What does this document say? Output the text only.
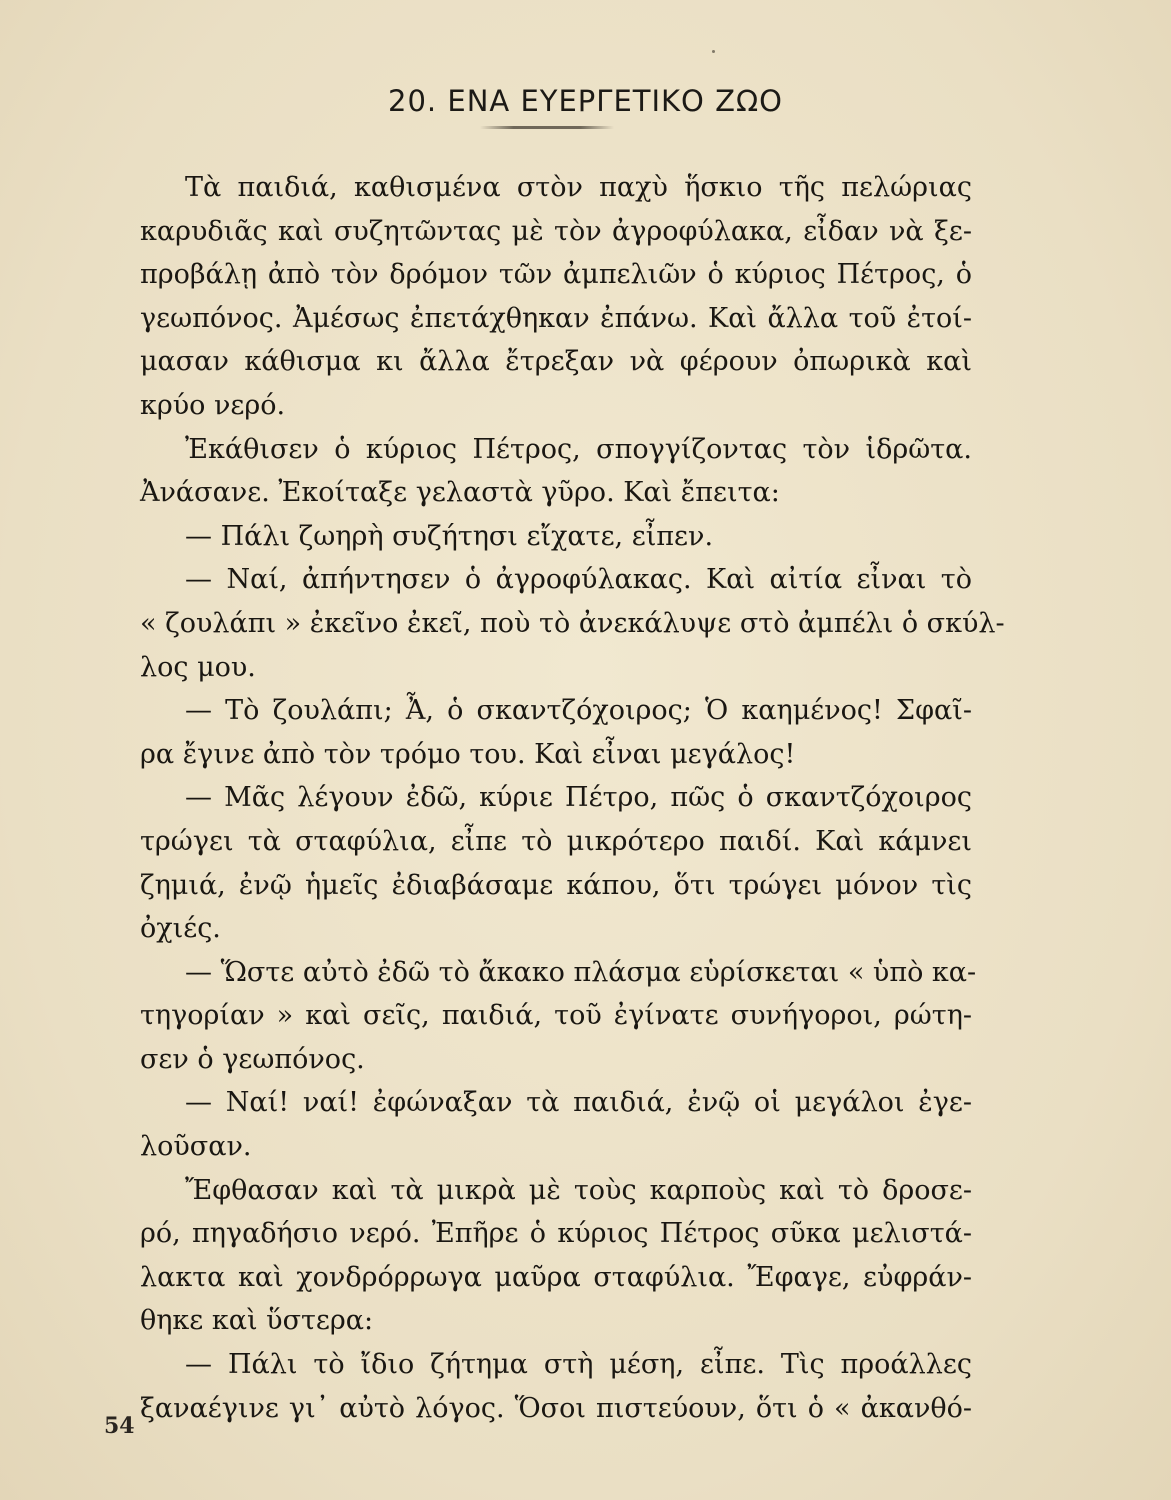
20. ΕΝΑ ΕΥΕΡΓΕΤΙΚΟ ΖΩΟ
Τὰ παιδιά, καθισμένα στὸν παχὺ ἥσκιο τῆς πελώριας
καρυδιᾶς καὶ συζητῶντας μὲ τὸν ἀγροφύλακα, εἶδαν νὰ ξε-
προβάλῃ ἀπὸ τὸν δρόμον τῶν ἀμπελιῶν ὁ κύριος Πέτρος, ὁ
γεωπόνος. Ἀμέσως ἐπετάχθηκαν ἐπάνω. Καὶ ἄλλα τοῦ ἐτοί-
μασαν κάθισμα κι ἄλλα ἔτρεξαν νὰ φέρουν ὀπωρικὰ καὶ
κρύο νερό.
Ἐκάθισεν ὁ κύριος Πέτρος, σπογγίζοντας τὸν ἱδρῶτα.
Ἀνάσανε. Ἐκοίταξε γελαστὰ γῦρο. Καὶ ἔπειτα:
— Πάλι ζωηρὴ συζήτησι εἴχατε, εἶπεν.
— Ναί, ἀπήντησεν ὁ ἀγροφύλακας. Καὶ αἰτία εἶναι τὸ
« ζουλάπι » ἐκεῖνο ἐκεῖ, ποὺ τὸ ἀνεκάλυψε στὸ ἀμπέλι ὁ σκύλ-
λος μου.
— Τὸ ζουλάπι; Ἆ, ὁ σκαντζόχοιρος; Ὁ καημένος! Σφαῖ-
ρα ἔγινε ἀπὸ τὸν τρόμο του. Καὶ εἶναι μεγάλος!
— Μᾶς λέγουν ἐδῶ, κύριε Πέτρο, πῶς ὁ σκαντζόχοιρος
τρώγει τὰ σταφύλια, εἶπε τὸ μικρότερο παιδί. Καὶ κάμνει
ζημιά, ἐνῷ ἡμεῖς ἐδιαβάσαμε κάπου, ὅτι τρώγει μόνον τὶς
ὀχιές.
— Ὥστε αὐτὸ ἐδῶ τὸ ἄκακο πλάσμα εὑρίσκεται « ὑπὸ κα-
τηγορίαν » καὶ σεῖς, παιδιά, τοῦ ἐγίνατε συνήγοροι, ρώτη-
σεν ὁ γεωπόνος.
— Ναί! ναί! ἐφώναξαν τὰ παιδιά, ἐνῷ οἱ μεγάλοι ἐγε-
λοῦσαν.
Ἔφθασαν καὶ τὰ μικρὰ μὲ τοὺς καρποὺς καὶ τὸ δροσε-
ρό, πηγαδήσιο νερό. Ἐπῆρε ὁ κύριος Πέτρος σῦκα μελιστά-
λακτα καὶ χονδρόρρωγα μαῦρα σταφύλια. Ἔφαγε, εὐφράν-
θηκε καὶ ὕστερα:
— Πάλι τὸ ἴδιο ζήτημα στὴ μέση, εἶπε. Τὶς προάλλες
ξαναέγινε γι᾿ αὐτὸ λόγος. Ὅσοι πιστεύουν, ὅτι ὁ « ἀκανθό-
54
